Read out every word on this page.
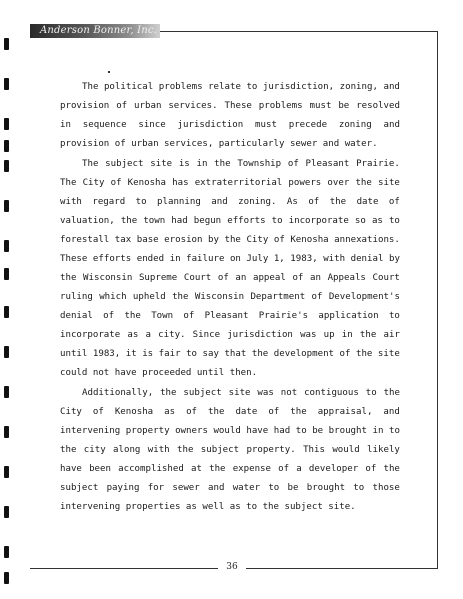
Anderson Bonner, Inc.
The political problems relate to jurisdiction, zoning, and
provision of urban services. These problems must be resolved
in sequence since jurisdiction must precede zoning and
provision of urban services, particularly sewer and water.
The subject site is in the Township of Pleasant Prairie.
The City of Kenosha has extraterritorial powers over the site
with regard to planning and zoning. As of the date of
valuation, the town had begun efforts to incorporate so as to
forestall tax base erosion by the City of Kenosha annexations.
These efforts ended in failure on July 1, 1983, with denial by
the Wisconsin Supreme Court of an appeal of an Appeals Court
ruling which upheld the Wisconsin Department of Development's
denial of the Town of Pleasant Prairie's application to
incorporate as a city. Since jurisdiction was up in the air
until 1983, it is fair to say that the development of the site
could not have proceeded until then.
Additionally, the subject site was not contiguous to the
City of Kenosha as of the date of the appraisal, and
intervening property owners would have had to be brought in to
the city along with the subject property. This would likely
have been accomplished at the expense of a developer of the
subject paying for sewer and water to be brought to those
intervening properties as well as to the subject site.
36
